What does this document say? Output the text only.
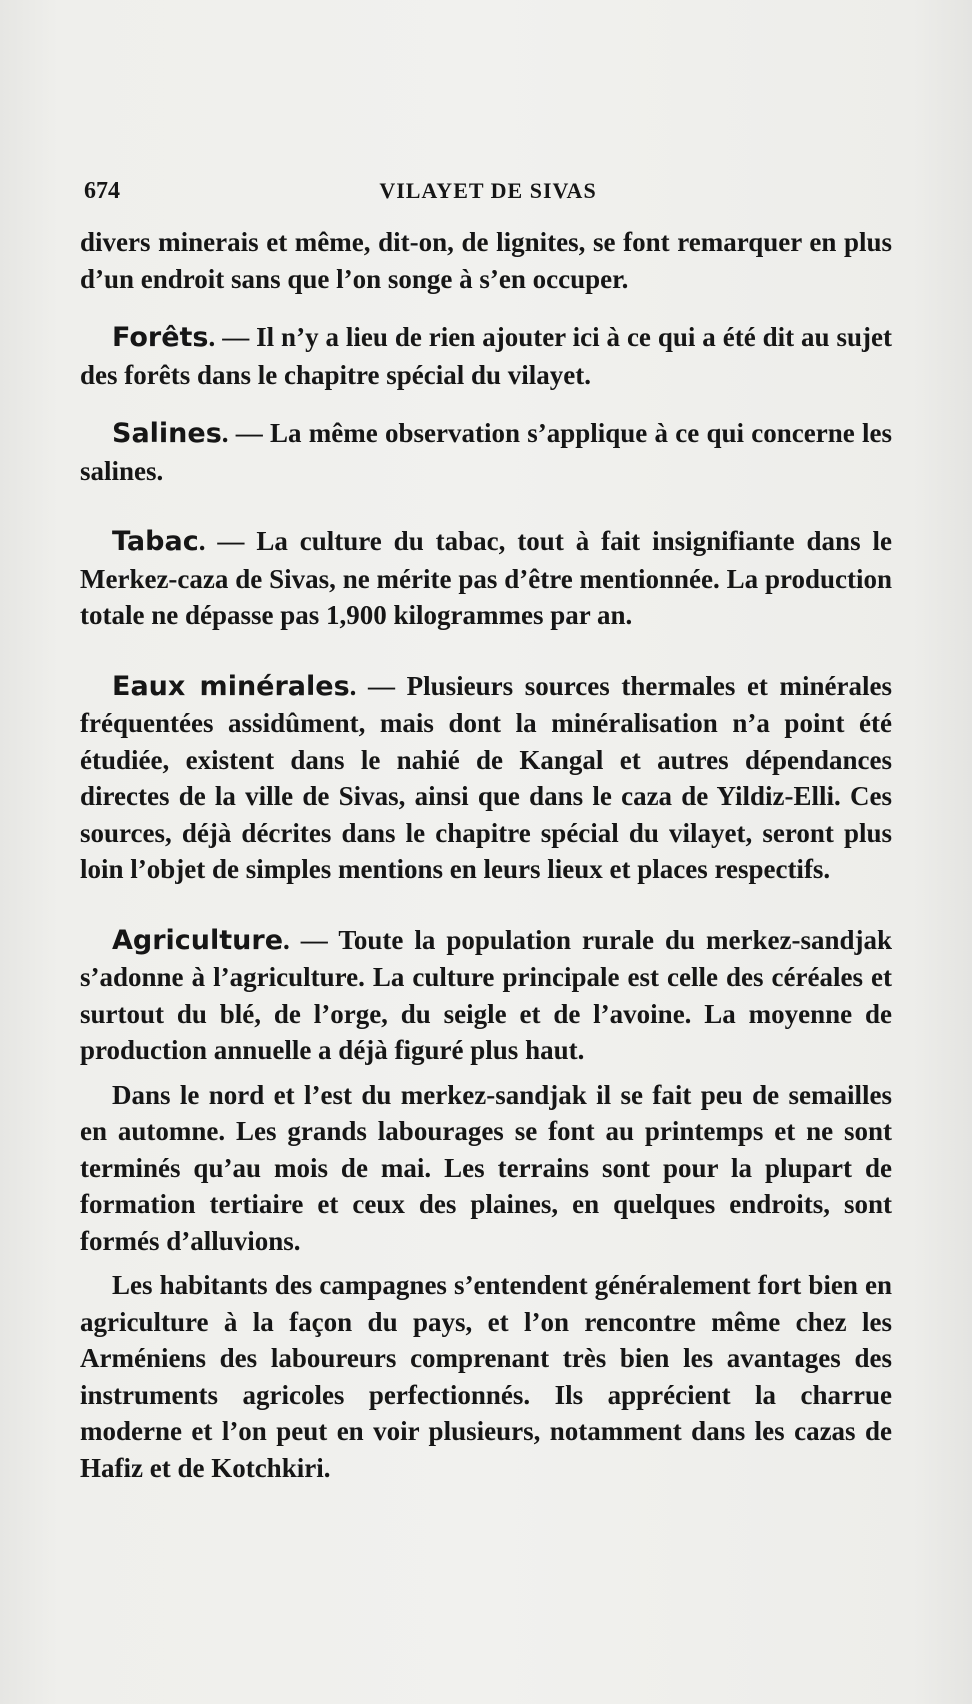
674	VILAYET DE SIVAS

divers minerais et même, dit-on, de lignites, se font remarquer en plus d’un endroit sans que l’on songe à s’en occuper.

Forêts. — Il n’y a lieu de rien ajouter ici à ce qui a été dit au sujet des forêts dans le chapitre spécial du vilayet.

Salines. — La même observation s’applique à ce qui concerne les salines.

Tabac. — La culture du tabac, tout à fait insignifiante dans le Merkez-caza de Sivas, ne mérite pas d’être mentionnée. La production totale ne dépasse pas 1,900 kilogrammes par an.

Eaux minérales. — Plusieurs sources thermales et minérales fréquentées assidûment, mais dont la minéralisation n’a point été étudiée, existent dans le nahié de Kangal et autres dépendances directes de la ville de Sivas, ainsi que dans le caza de Yildiz-Elli. Ces sources, déjà décrites dans le chapitre spécial du vilayet, seront plus loin l’objet de simples mentions en leurs lieux et places respectifs.

Agriculture. — Toute la population rurale du merkez-sandjak s’adonne à l’agriculture. La culture principale est celle des céréales et surtout du blé, de l’orge, du seigle et de l’avoine. La moyenne de production annuelle a déjà figuré plus haut.

Dans le nord et l’est du merkez-sandjak il se fait peu de semailles en automne. Les grands labourages se font au printemps et ne sont terminés qu’au mois de mai. Les terrains sont pour la plupart de formation tertiaire et ceux des plaines, en quelques endroits, sont formés d’alluvions.

Les habitants des campagnes s’entendent généralement fort bien en agriculture à la façon du pays, et l’on rencontre même chez les Arméniens des laboureurs comprenant très bien les avantages des instruments agricoles perfectionnés. Ils apprécient la charrue moderne et l’on peut en voir plusieurs, notamment dans les cazas de Hafiz et de Kotchkiri.
